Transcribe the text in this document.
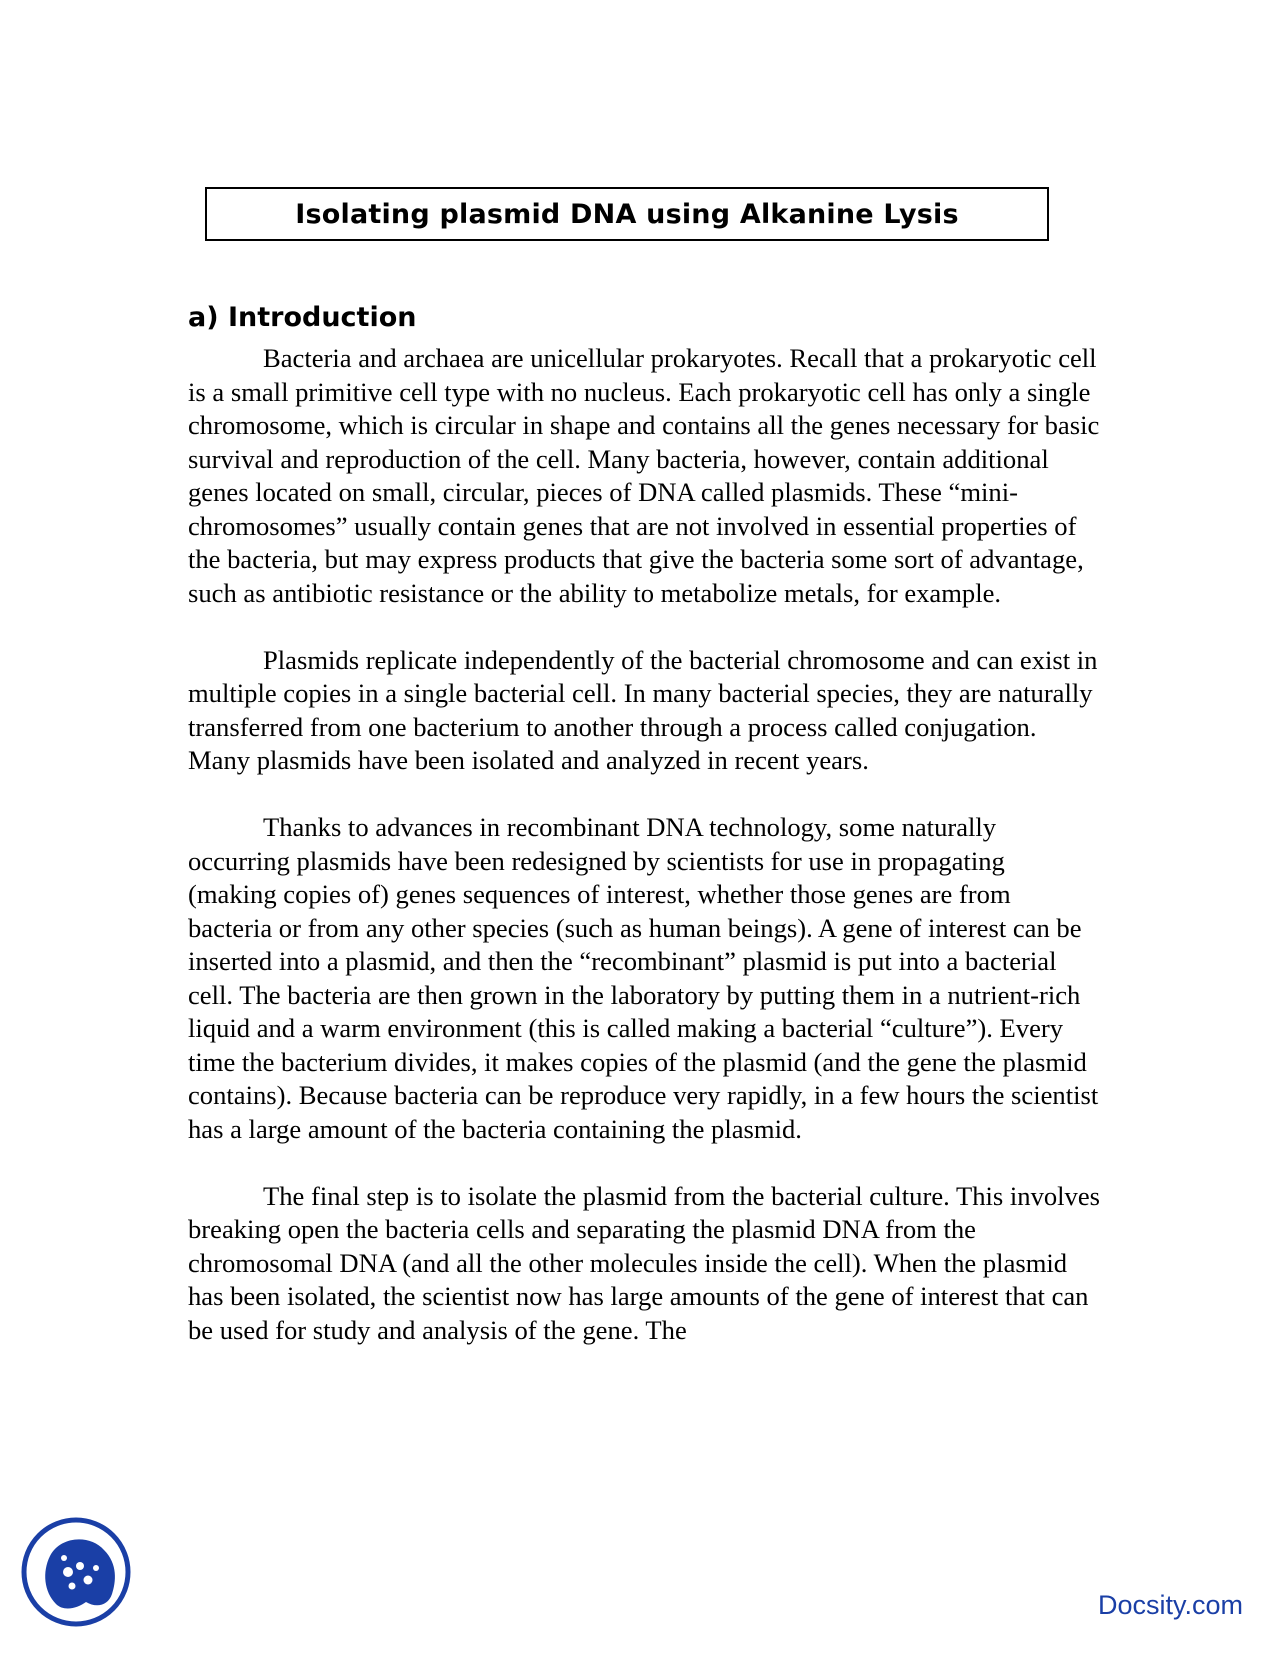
Isolating plasmid DNA using Alkanine Lysis
a) Introduction

Bacteria and archaea are unicellular prokaryotes. Recall that a prokaryotic cell is a small primitive cell type with no nucleus. Each prokaryotic cell has only a single chromosome, which is circular in shape and contains all the genes necessary for basic survival and reproduction of the cell. Many bacteria, however, contain additional genes located on small, circular, pieces of DNA called plasmids. These “mini-chromosomes” usually contain genes that are not involved in essential properties of the bacteria, but may express products that give the bacteria some sort of advantage, such as antibiotic resistance or the ability to metabolize metals, for example.

Plasmids replicate independently of the bacterial chromosome and can exist in multiple copies in a single bacterial cell. In many bacterial species, they are naturally transferred from one bacterium to another through a process called conjugation. Many plasmids have been isolated and analyzed in recent years.

Thanks to advances in recombinant DNA technology, some naturally occurring plasmids have been redesigned by scientists for use in propagating (making copies of) genes sequences of interest, whether those genes are from bacteria or from any other species (such as human beings). A gene of interest can be inserted into a plasmid, and then the “recombinant” plasmid is put into a bacterial cell. The bacteria are then grown in the laboratory by putting them in a nutrient-rich liquid and a warm environment (this is called making a bacterial “culture”). Every time the bacterium divides, it makes copies of the plasmid (and the gene the plasmid contains). Because bacteria can be reproduce very rapidly, in a few hours the scientist has a large amount of the bacteria containing the plasmid.

The final step is to isolate the plasmid from the bacterial culture. This involves breaking open the bacteria cells and separating the plasmid DNA from the chromosomal DNA (and all the other molecules inside the cell). When the plasmid has been isolated, the scientist now has large amounts of the gene of interest that can be used for study and analysis of the gene. The

Docsity.com
